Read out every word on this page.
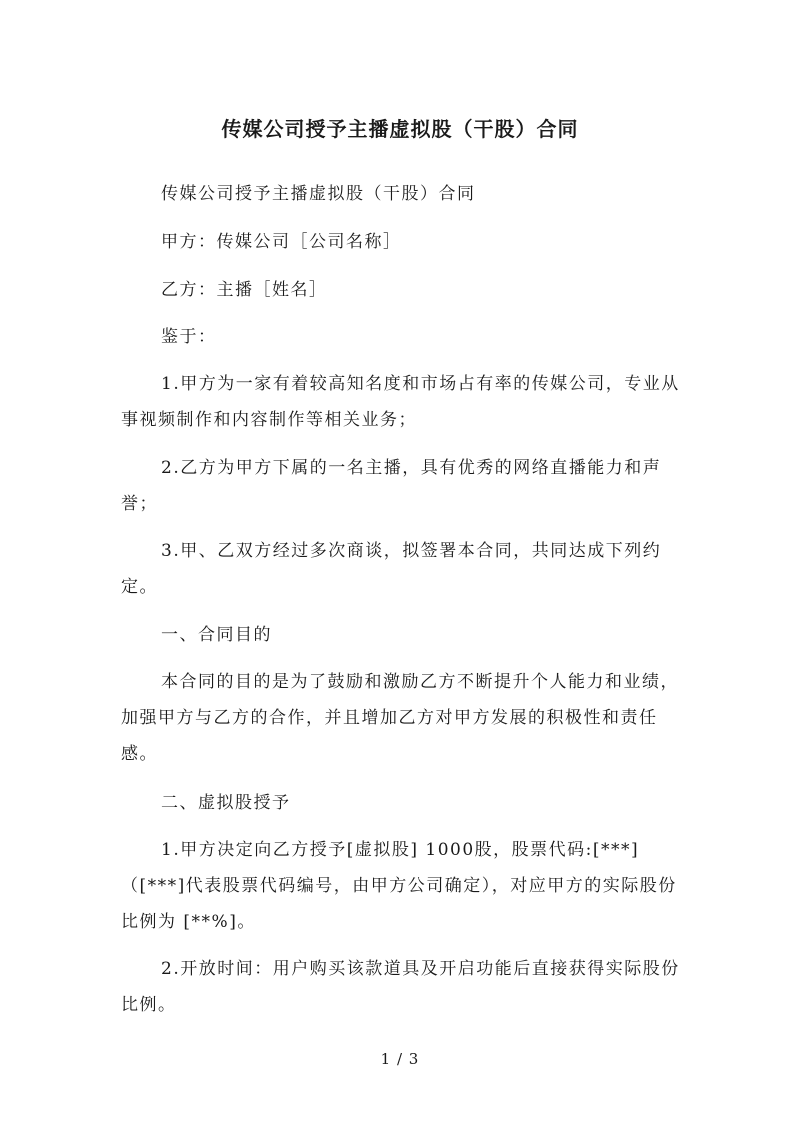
传媒公司授予主播虚拟股（干股）合同

传媒公司授予主播虚拟股（干股）合同

甲方：传媒公司［公司名称］

乙方：主播［姓名］

鉴于：

1.甲方为一家有着较高知名度和市场占有率的传媒公司，专业从事视频制作和内容制作等相关业务；

2.乙方为甲方下属的一名主播，具有优秀的网络直播能力和声誉；

3.甲、乙双方经过多次商谈，拟签署本合同，共同达成下列约定。

一、合同目的

本合同的目的是为了鼓励和激励乙方不断提升个人能力和业绩，加强甲方与乙方的合作，并且增加乙方对甲方发展的积极性和责任感。

二、虚拟股授予

1.甲方决定向乙方授予[虚拟股] 1000股，股票代码:[***]（[***]代表股票代码编号，由甲方公司确定），对应甲方的实际股份比例为 [**%]。

2.开放时间：用户购买该款道具及开启功能后直接获得实际股份比例。

1 / 3
